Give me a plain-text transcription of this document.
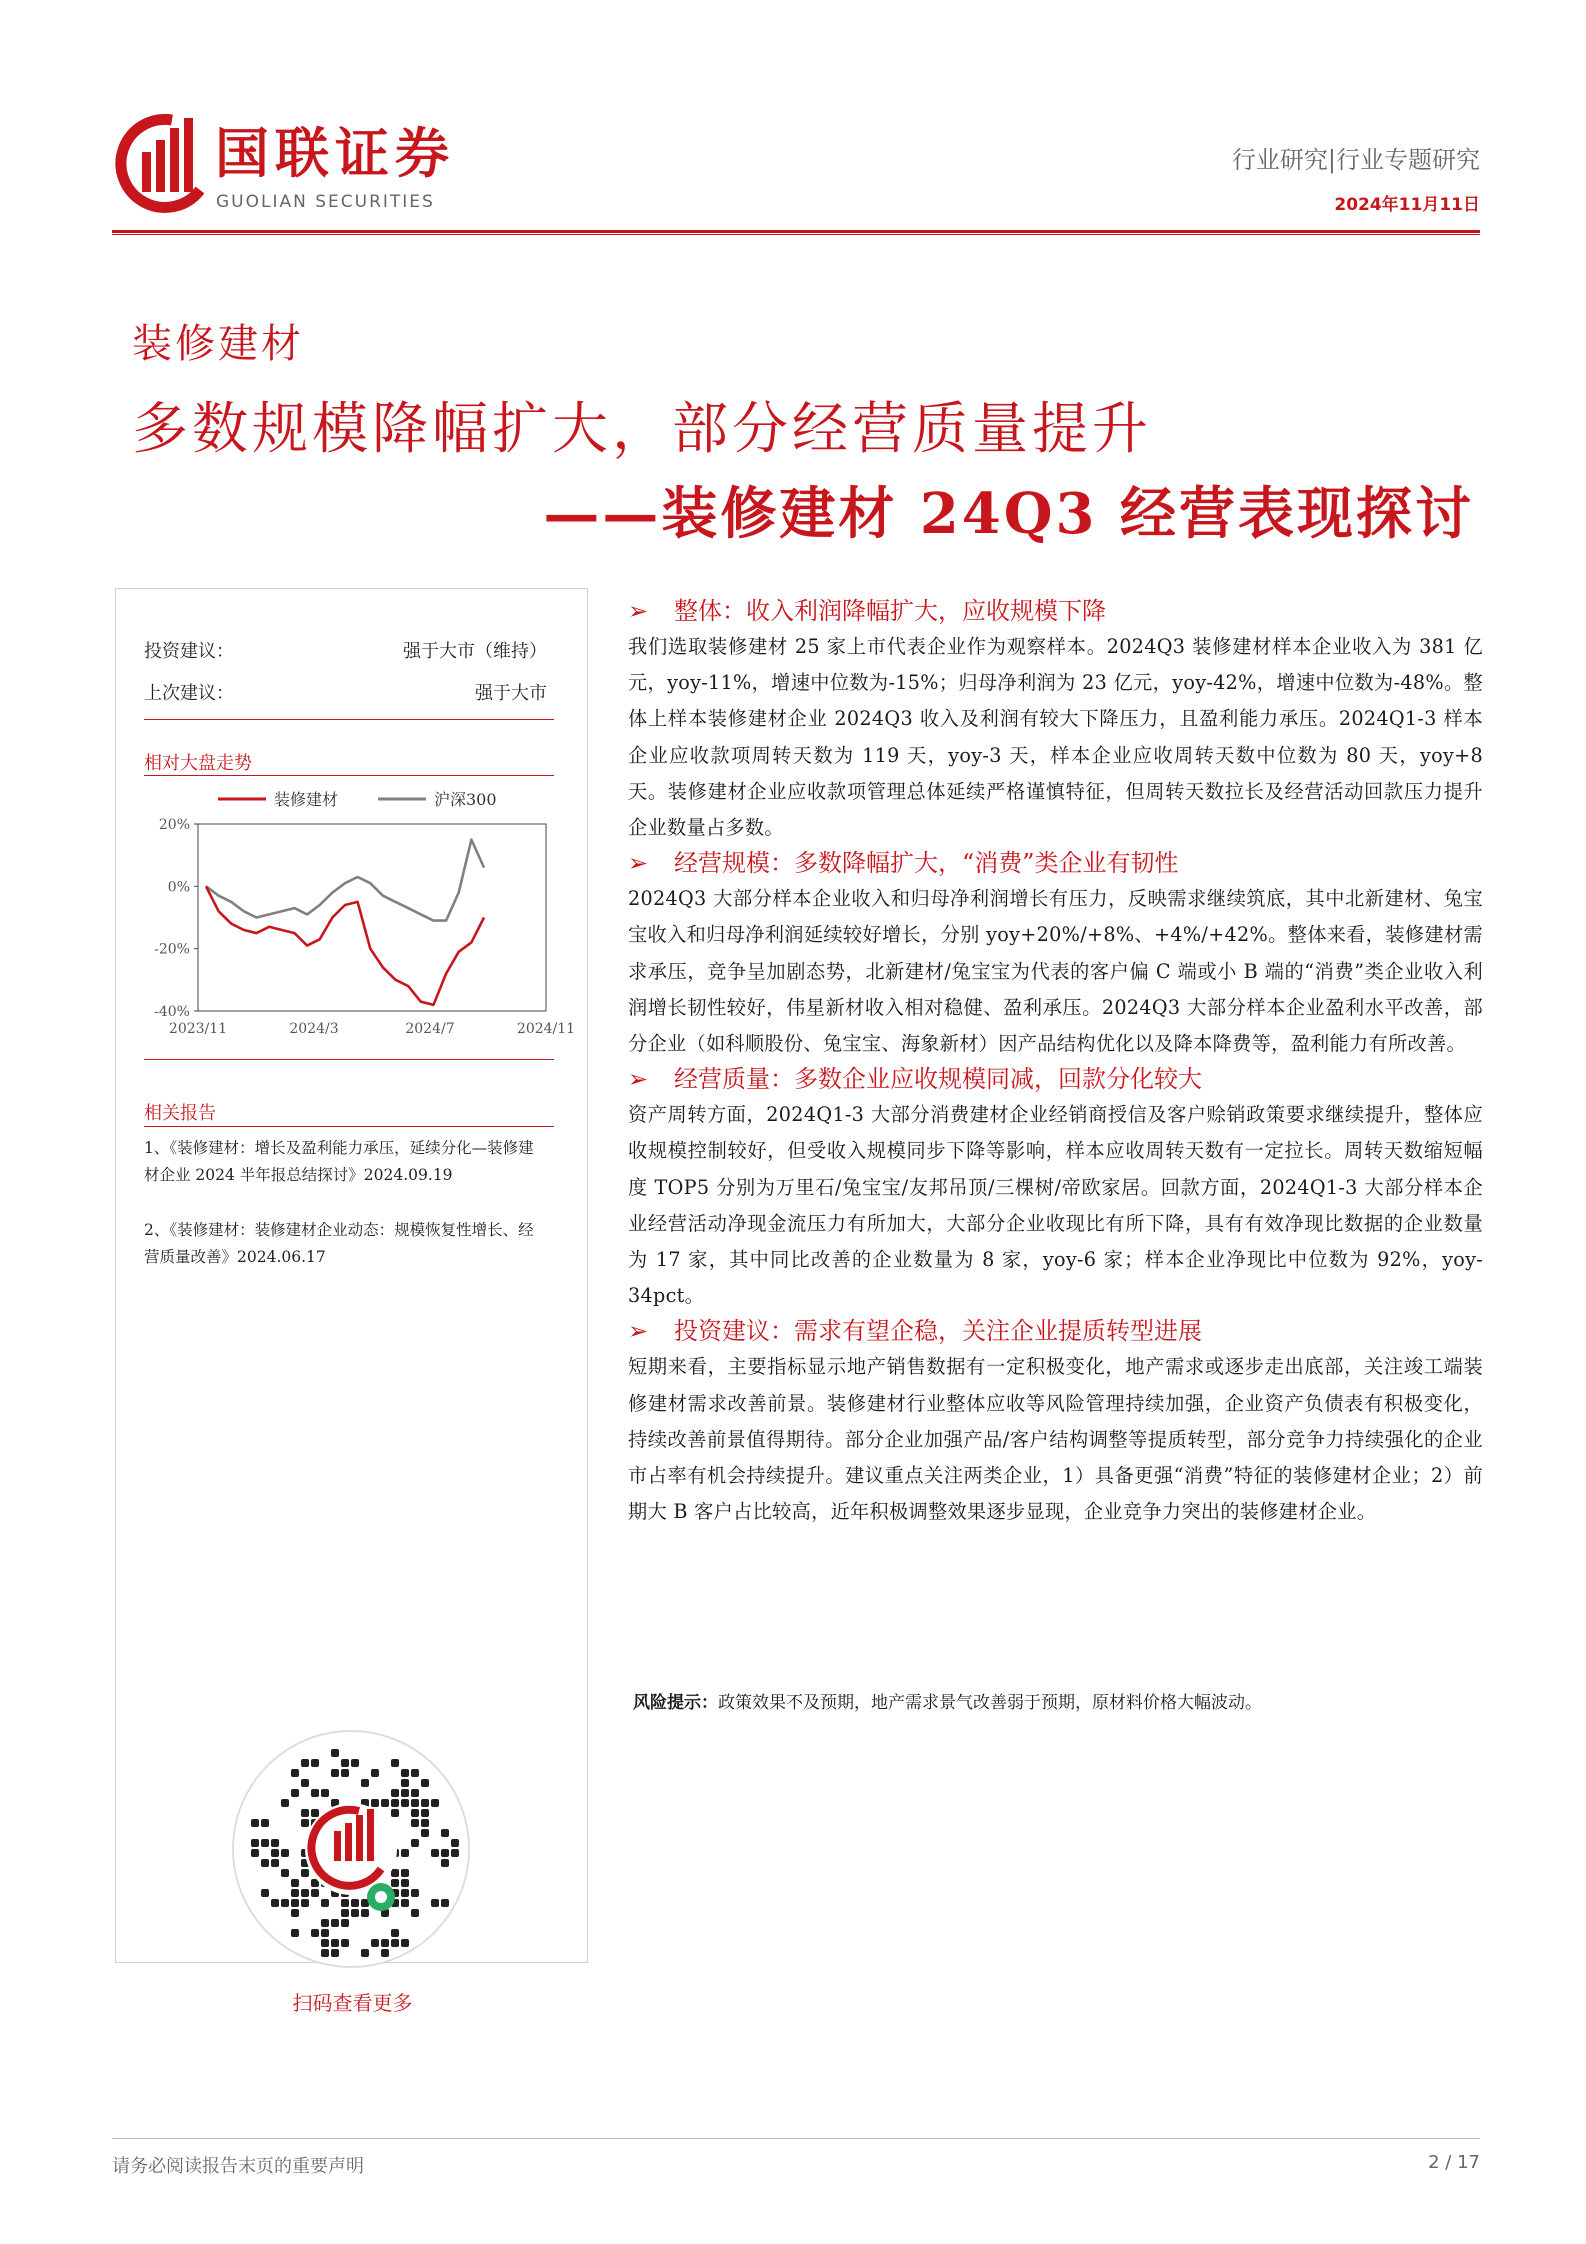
国联证券
GUOLIAN SECURITIES
行业研究|行业专题研究
2024年11月11日
装修建材
多数规模降幅扩大，部分经营质量提升
——装修建材 24Q3 经营表现探讨
投资建议：	强于大市（维持）
上次建议：	强于大市
相对大盘走势
装修建材	沪深300
20%
0%
-20%
-40%
2023/11	2024/3	2024/7	2024/11
相关报告
1、《装修建材：增长及盈利能力承压，延续分化—装修建材企业 2024 半年报总结探讨》2024.09.19
2、《装修建材：装修建材企业动态：规模恢复性增长、经营质量改善》2024.06.17
扫码查看更多
➢ 整体：收入利润降幅扩大，应收规模下降
我们选取装修建材 25 家上市代表企业作为观察样本。2024Q3 装修建材样本企业收入为 381 亿元，yoy-11%，增速中位数为-15%；归母净利润为 23 亿元，yoy-42%，增速中位数为-48%。整体上样本装修建材企业 2024Q3 收入及利润有较大下降压力，且盈利能力承压。2024Q1-3 样本企业应收款项周转天数为 119 天，yoy-3 天，样本企业应收周转天数中位数为 80 天，yoy+8 天。装修建材企业应收款项管理总体延续严格谨慎特征，但周转天数拉长及经营活动回款压力提升企业数量占多数。
➢ 经营规模：多数降幅扩大，“消费”类企业有韧性
2024Q3 大部分样本企业收入和归母净利润增长有压力，反映需求继续筑底，其中北新建材、兔宝宝收入和归母净利润延续较好增长，分别 yoy+20%/+8%、+4%/+42%。整体来看，装修建材需求承压，竞争呈加剧态势，北新建材/兔宝宝为代表的客户偏 C 端或小 B 端的“消费”类企业收入利润增长韧性较好，伟星新材收入相对稳健、盈利承压。2024Q3 大部分样本企业盈利水平改善，部分企业（如科顺股份、兔宝宝、海象新材）因产品结构优化以及降本降费等，盈利能力有所改善。
➢ 经营质量：多数企业应收规模同减，回款分化较大
资产周转方面，2024Q1-3 大部分消费建材企业经销商授信及客户赊销政策要求继续提升，整体应收规模控制较好，但受收入规模同步下降等影响，样本应收周转天数有一定拉长。周转天数缩短幅度 TOP5 分别为万里石/兔宝宝/友邦吊顶/三棵树/帝欧家居。回款方面，2024Q1-3 大部分样本企业经营活动净现金流压力有所加大，大部分企业收现比有所下降，具有有效净现比数据的企业数量为 17 家，其中同比改善的企业数量为 8 家，yoy-6 家；样本企业净现比中位数为 92%，yoy-34pct。
➢ 投资建议：需求有望企稳，关注企业提质转型进展
短期来看，主要指标显示地产销售数据有一定积极变化，地产需求或逐步走出底部，关注竣工端装修建材需求改善前景。装修建材行业整体应收等风险管理持续加强，企业资产负债表有积极变化，持续改善前景值得期待。部分企业加强产品/客户结构调整等提质转型，部分竞争力持续强化的企业市占率有机会持续提升。建议重点关注两类企业，1）具备更强“消费”特征的装修建材企业；2）前期大 B 客户占比较高，近年积极调整效果逐步显现，企业竞争力突出的装修建材企业。
风险提示：政策效果不及预期，地产需求景气改善弱于预期，原材料价格大幅波动。
请务必阅读报告末页的重要声明	2 / 17
